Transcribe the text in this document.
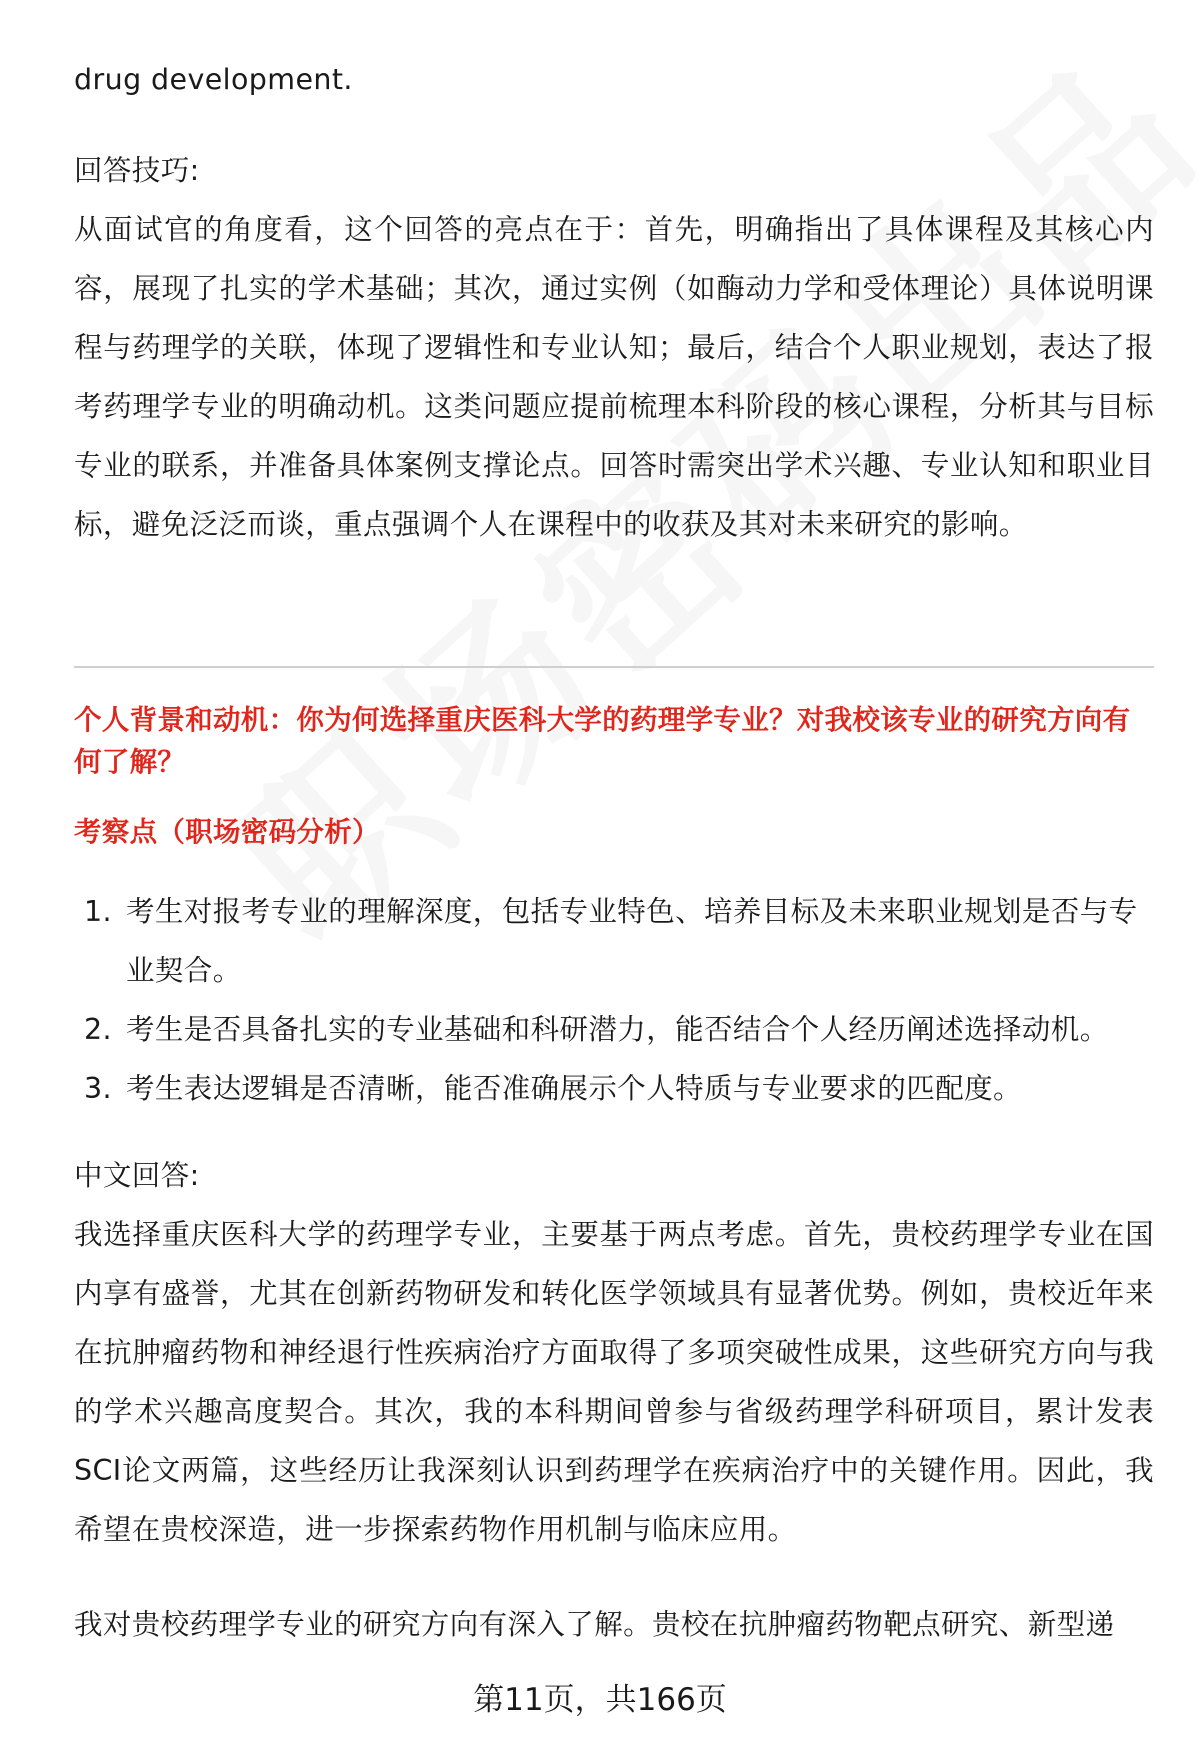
drug development.

回答技巧:

从面试官的角度看，这个回答的亮点在于：首先，明确指出了具体课程及其核心内容，展现了扎实的学术基础；其次，通过实例（如酶动力学和受体理论）具体说明课程与药理学的关联，体现了逻辑性和专业认知；最后，结合个人职业规划，表达了报考药理学专业的明确动机。这类问题应提前梳理本科阶段的核心课程，分析其与目标专业的联系，并准备具体案例支撑论点。回答时需突出学术兴趣、专业认知和职业目标，避免泛泛而谈，重点强调个人在课程中的收获及其对未来研究的影响。

个人背景和动机：你为何选择重庆医科大学的药理学专业？对我校该专业的研究方向有何了解？

考察点（职场密码分析）

1. 考生对报考专业的理解深度，包括专业特色、培养目标及未来职业规划是否与专业契合。
2. 考生是否具备扎实的专业基础和科研潜力，能否结合个人经历阐述选择动机。
3. 考生表达逻辑是否清晰，能否准确展示个人特质与专业要求的匹配度。

中文回答:

我选择重庆医科大学的药理学专业，主要基于两点考虑。首先，贵校药理学专业在国内享有盛誉，尤其在创新药物研发和转化医学领域具有显著优势。例如，贵校近年来在抗肿瘤药物和神经退行性疾病治疗方面取得了多项突破性成果，这些研究方向与我的学术兴趣高度契合。其次，我的本科期间曾参与省级药理学科研项目，累计发表SCI论文两篇，这些经历让我深刻认识到药理学在疾病治疗中的关键作用。因此，我希望在贵校深造，进一步探索药物作用机制与临床应用。

我对贵校药理学专业的研究方向有深入了解。贵校在抗肿瘤药物靶点研究、新型递

第11页，共166页
